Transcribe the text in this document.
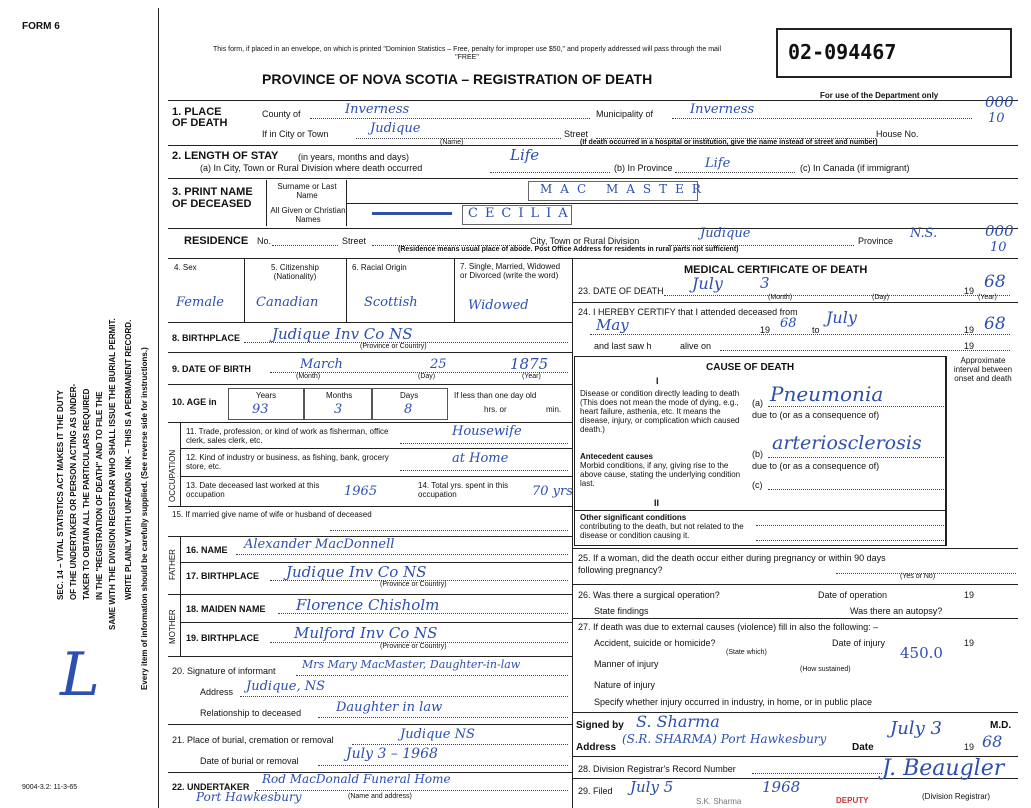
FORM 6
This form, if placed in an envelope, on which is printed "Dominion Statistics – Free, penalty for improper use $50," and properly addressed will pass through the mail "FREE"
PROVINCE OF NOVA SCOTIA – REGISTRATION OF DEATH
02-094467
For use of the Department only	000
10
SEC. 14 – VITAL STATISTICS ACT MAKES IT THE DUTY OF THE UNDERTAKER OR PERSON ACTING AS UNDER- TAKER TO OBTAIN ALL THE PARTICULARS REQUIRED IN THE "REGISTRATION OF DEATH" AND TO FILE THE SAME WITH THE DIVISION REGISTRAR WHO SHALL ISSUE THE BURIAL PERMIT. WRITE PLAINLY WITH UNFADING INK – THIS IS A PERMANENT RECORD. Every item of information should be carefully supplied. (See reverse side for instructions.)
L
1. PLACE OF DEATH
County of	Inverness	Municipality of	Inverness
If in City or Town	Judique
(Name)
Street	House No.
(If death occurred in a hospital or institution, give the name instead of street and number)
2. LENGTH OF STAY (in years, months and days)
(a) In City, Town or Rural Division where death occurred
Life
(b) In Province Life	(c) In Canada (if immigrant)
3. PRINT NAME OF DECEASED
Surname or Last Name
All Given or Christian Names
MAC MASTER
CECILIA
RESIDENCE No.	Street	City, Town or Rural Division	Judique	Province N.S.
(Residence means usual place of abode. Post Office Address for residents in rural parts not sufficient)
000
10
4. Sex
Female
5. Citizenship (Nationality)
Canadian
6. Racial Origin
Scottish
7. Single, Married, Widowed or Divorced (write the word)
Widowed
8. BIRTHPLACE Judique Inv Co NS
(Province or Country)
9. DATE OF BIRTH	March	25	1875
(Month)	(Day)	(Year)
10. AGE in
Years
93
Months
3
Days
8
If less than one day old
hrs. or	min.
OCCUPATION
11. Trade, profession, or kind of work as fisherman, office clerk, sales clerk, etc.
Housewife
12. Kind of industry or business, as fishing, bank, grocery store, etc.
at Home
13. Date deceased last worked at this occupation	1965	14. Total yrs. spent in this occupation	70 yrs
15. If married give name of wife or husband of deceased
FATHER 16. NAME Alexander MacDonnell
17. BIRTHPLACE Judique Inv Co NS
(Province or Country)
MOTHER
18. MAIDEN NAME Florence Chisholm
19. BIRTHPLACE Mulford Inv Co NS
(Province or Country)
20. Signature of informant Mrs Mary MacMaster, Daughter-in-law
Address Judique, NS
Relationship to deceased	Daughter in law
21. Place of burial, cremation or removal	Judique NS
Date of burial or removal	July 3 – 1968
22. UNDERTAKER
Rod MacDonald Funeral Home
Port Hawkesbury	(Name and address)
9004-3.2: 11-3-65
MEDICAL CERTIFICATE OF DEATH
23. DATE OF DEATH July 3	19 68
(Month)	(Day)	(Year)
24. I HEREBY CERTIFY that I attended deceased from
May	19 68 to
July
19 68
and last saw h	alive on	19
CAUSE OF DEATH
Approximate interval between onset and death
I
Disease or condition directly leading to death (This does not mean the mode of dying, e.g., heart failure, asthenia, etc. It means the disease, injury, or complication which caused death.)
(a) Pneumonia
due to (or as a consequence of)
Antecedent causes
Morbid conditions, if any, giving rise to the above cause, stating the underlying condition last.
(b) arteriosclerosis
due to (or as a consequence of)
(c)
II
Other significant conditions
contributing to the death, but not related to the disease or condition causing it.
25. If a woman, did the death occur either during pregnancy or within 90 days following pregnancy?
(Yes or No)
26. Was there a surgical operation?	Date of operation	19
State findings	Was there an autopsy?
27. If death was due to external causes (violence) fill in also the following: –
Accident, suicide or homicide?	Date of injury	19
(State which)
Manner of injury
450.0
(How sustained)
Nature of injury
Specify whether injury occurred in industry, in home, or in public place
Signed by S. Sharma	M.D.
Address
(S.R. SHARMA) Port Hawkesbury
Date
July 3
19 68
28. Division Registrar's Record Number
29. Filed July 5	1968
J. Beaugler
(Division Registrar)
DEPUTY
S.K. Sharma
